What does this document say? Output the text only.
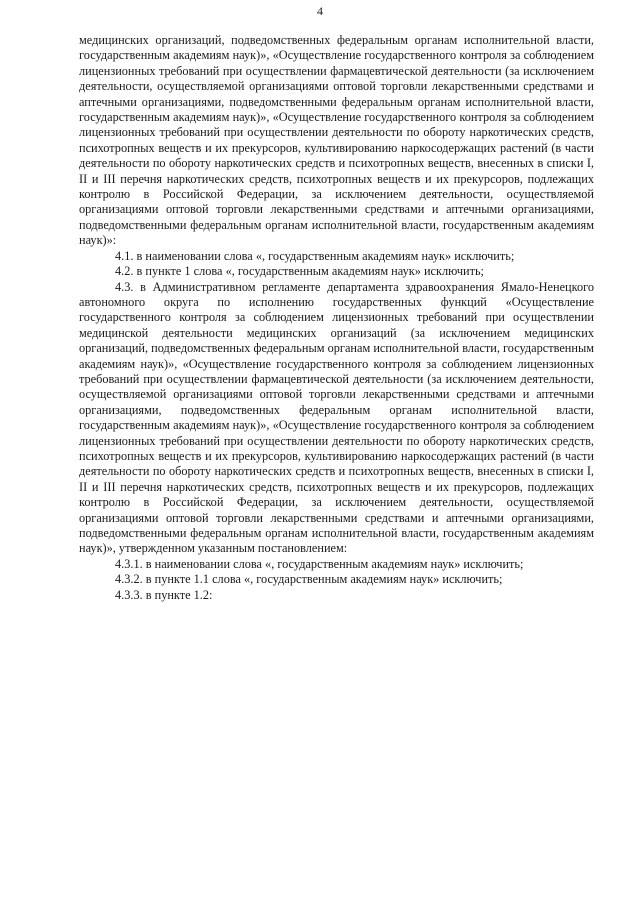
4

медицинских организаций, подведомственных федеральным органам исполнительной власти, государственным академиям наук)», «Осуществление государственного контроля за соблюдением лицензионных требований при осуществлении фармацевтической деятельности (за исключением деятельности, осуществляемой организациями оптовой торговли лекарственными средствами и аптечными организациями, подведомственными федеральным органам исполнительной власти, государственным академиям наук)», «Осуществление государственного контроля за соблюдением лицензионных требований при осуществлении деятельности по обороту наркотических средств, психотропных веществ и их прекурсоров, культивированию наркосодержащих растений (в части деятельности по обороту наркотических средств и психотропных веществ, внесенных в списки I, II и III перечня наркотических средств, психотропных веществ и их прекурсоров, подлежащих контролю в Российской Федерации, за исключением деятельности, осуществляемой организациями оптовой торговли лекарственными средствами и аптечными организациями, подведомственными федеральным органам исполнительной власти, государственным академиям наук)»:

4.1. в наименовании слова «, государственным академиям наук» исключить;

4.2. в пункте 1 слова «, государственным академиям наук» исключить;

4.3. в Административном регламенте департамента здравоохранения Ямало-Ненецкого автономного округа по исполнению государственных функций «Осуществление государственного контроля за соблюдением лицензионных требований при осуществлении медицинской деятельности медицинских организаций (за исключением медицинских организаций, подведомственных федеральным органам исполнительной власти, государственным академиям наук)», «Осуществление государственного контроля за соблюдением лицензионных требований при осуществлении фармацевтической деятельности (за исключением деятельности, осуществляемой организациями оптовой торговли лекарственными средствами и аптечными организациями, подведомственных федеральным органам исполнительной власти, государственным академиям наук)», «Осуществление государственного контроля за соблюдением лицензионных требований при осуществлении деятельности по обороту наркотических средств, психотропных веществ и их прекурсоров, культивированию наркосодержащих растений (в части деятельности по обороту наркотических средств и психотропных веществ, внесенных в списки I, II и III перечня наркотических средств, психотропных веществ и их прекурсоров, подлежащих контролю в Российской Федерации, за исключением деятельности, осуществляемой организациями оптовой торговли лекарственными средствами и аптечными организациями, подведомственными федеральным органам исполнительной власти, государственным академиям наук)», утвержденном указанным постановлением:

4.3.1. в наименовании слова «, государственным академиям наук» исключить;

4.3.2. в пункте 1.1 слова «, государственным академиям наук» исключить;

4.3.3. в пункте 1.2:
